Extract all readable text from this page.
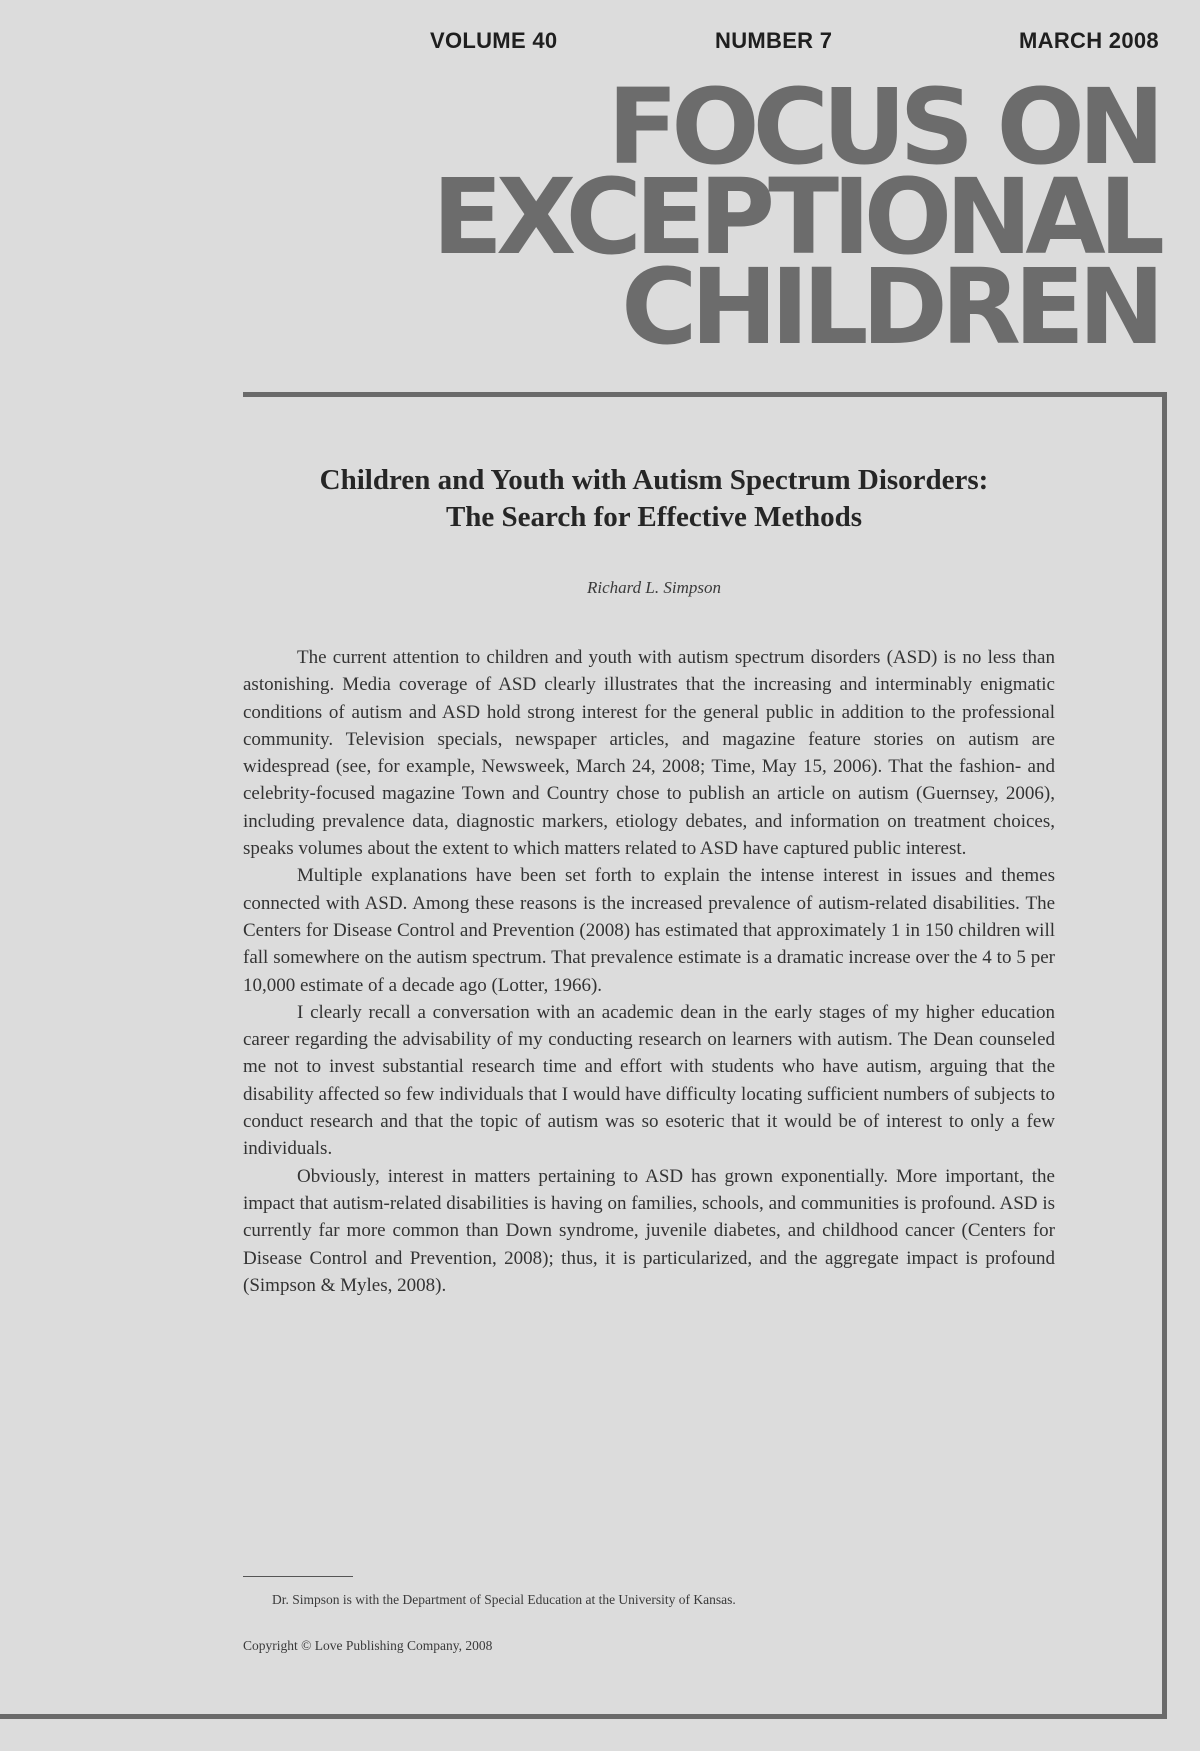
VOLUME 40	NUMBER 7	MARCH 2008
FOCUS ON
EXCEPTIONAL
CHILDREN
Children and Youth with Autism Spectrum Disorders:
The Search for Effective Methods
Richard L. Simpson

The current attention to children and youth with autism spectrum disorders (ASD) is no less than astonishing. Media coverage of ASD clearly illustrates that the increasing and interminably enigmatic conditions of autism and ASD hold strong interest for the general public in addition to the professional community. Television specials, newspaper articles, and magazine feature stories on autism are widespread (see, for example, Newsweek, March 24, 2008; Time, May 15, 2006). That the fashion- and celebrity-focused magazine Town and Country chose to publish an article on autism (Guernsey, 2006), including prevalence data, diagnostic markers, etiology debates, and information on treatment choices, speaks volumes about the extent to which matters related to ASD have captured public interest.

Multiple explanations have been set forth to explain the intense interest in issues and themes connected with ASD. Among these reasons is the increased prevalence of autism-related disabilities. The Centers for Disease Control and Prevention (2008) has estimated that approximately 1 in 150 children will fall somewhere on the autism spectrum. That prevalence estimate is a dramatic increase over the 4 to 5 per 10,000 estimate of a decade ago (Lotter, 1966).

I clearly recall a conversation with an academic dean in the early stages of my higher education career regarding the advisability of my conducting research on learners with autism. The Dean counseled me not to invest substantial research time and effort with students who have autism, arguing that the disability affected so few individuals that I would have difficulty locating sufficient numbers of subjects to conduct research and that the topic of autism was so esoteric that it would be of interest to only a few individuals.

Obviously, interest in matters pertaining to ASD has grown exponentially. More important, the impact that autism-related disabilities is having on families, schools, and communities is profound. ASD is currently far more common than Down syndrome, juvenile diabetes, and childhood cancer (Centers for Disease Control and Prevention, 2008); thus, it is particularized, and the aggregate impact is profound (Simpson & Myles, 2008).

Dr. Simpson is with the Department of Special Education at the University of Kansas.
Copyright © Love Publishing Company, 2008
